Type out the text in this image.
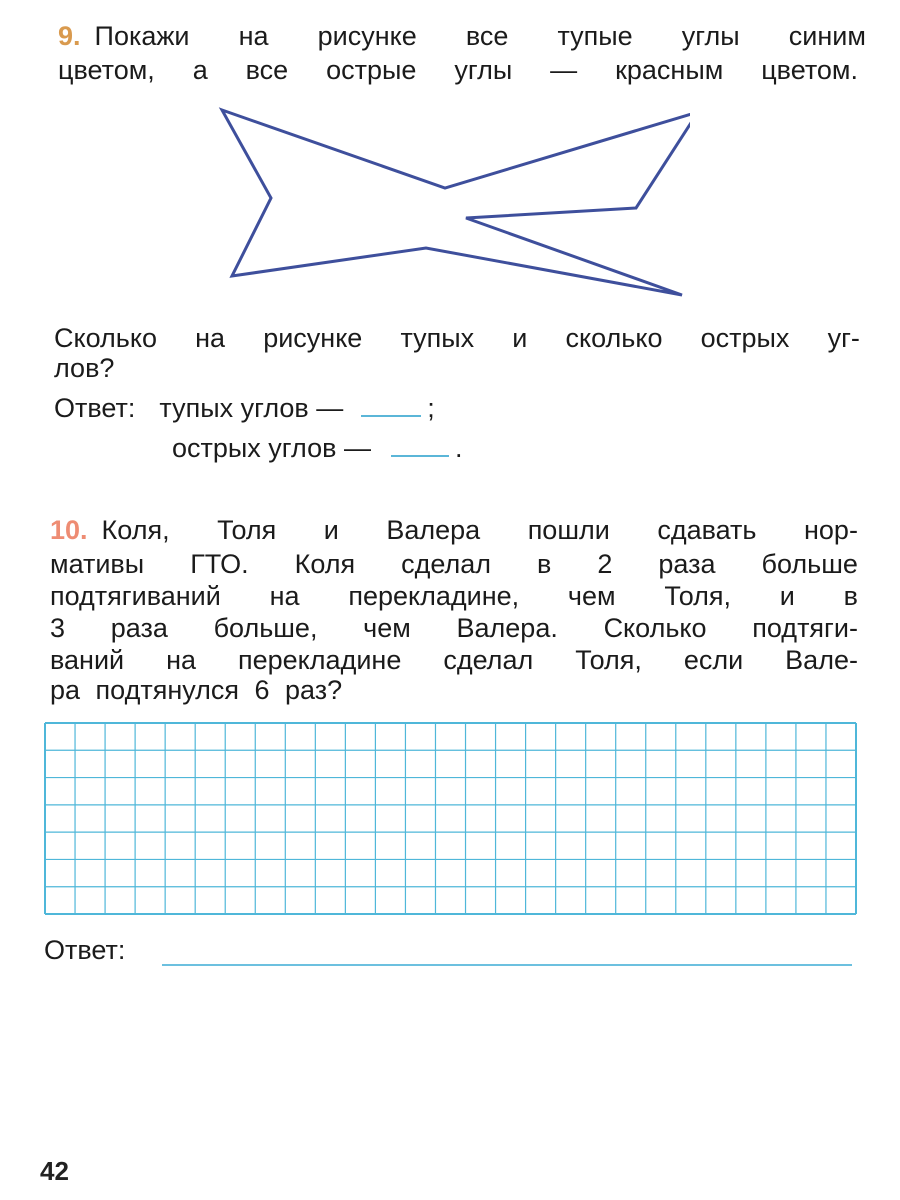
9. Покажи на рисунке все тупые углы синим
цветом, а все острые углы — красным цветом.
Сколько на рисунке тупых и сколько острых уг-
лов?
Ответ: тупых углов —	;
острых углов —	.
10. Коля, Толя и Валера пошли сдавать нор-
мативы ГТО. Коля сделал в 2 раза больше
подтягиваний на перекладине, чем Толя, и в
3 раза больше, чем Валера. Сколько подтяги-
ваний на перекладине сделал Толя, если Вале-
ра подтянулся 6 раз?
Ответ:
42
